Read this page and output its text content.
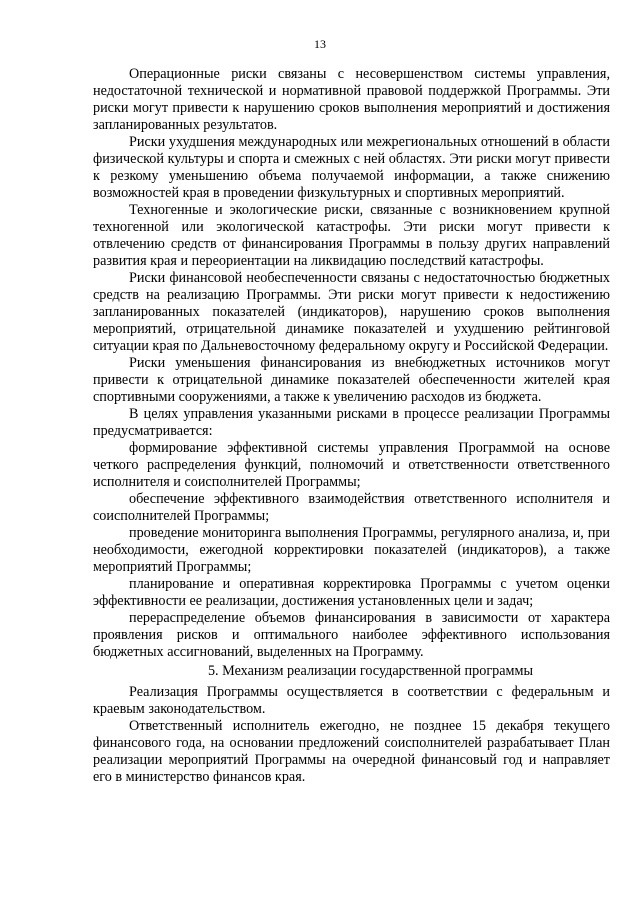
13

Операционные риски связаны с несовершенством системы управления, недостаточной технической и нормативной правовой поддержкой Программы. Эти риски могут привести к нарушению сроков выполнения мероприятий и достижения запланированных результатов.

Риски ухудшения международных или межрегиональных отношений в области физической культуры и спорта и смежных с ней областях. Эти риски могут привести к резкому уменьшению объема получаемой информации, а также снижению возможностей края в проведении физкультурных и спортивных мероприятий.

Техногенные и экологические риски, связанные с возникновением крупной техногенной или экологической катастрофы. Эти риски могут привести к отвлечению средств от финансирования Программы в пользу других направлений развития края и переориентации на ликвидацию последствий катастрофы.

Риски финансовой необеспеченности связаны с недостаточностью бюджетных средств на реализацию Программы. Эти риски могут привести к недостижению запланированных показателей (индикаторов), нарушению сроков выполнения мероприятий, отрицательной динамике показателей и ухудшению рейтинговой ситуации края по Дальневосточному федеральному округу и Российской Федерации.

Риски уменьшения финансирования из внебюджетных источников могут привести к отрицательной динамике показателей обеспеченности жителей края спортивными сооружениями, а также к увеличению расходов из бюджета.

В целях управления указанными рисками в процессе реализации Программы предусматривается:

формирование эффективной системы управления Программой на основе четкого распределения функций, полномочий и ответственности ответственного исполнителя и соисполнителей Программы;

обеспечение эффективного взаимодействия ответственного исполнителя и соисполнителей Программы;

проведение мониторинга выполнения Программы, регулярного анализа, и, при необходимости, ежегодной корректировки показателей (индикаторов), а также мероприятий Программы;

планирование и оперативная корректировка Программы с учетом оценки эффективности ее реализации, достижения установленных цели и задач;

перераспределение объемов финансирования в зависимости от характера проявления рисков и оптимального наиболее эффективного использования бюджетных ассигнований, выделенных на Программу.

5. Механизм реализации государственной программы

Реализация Программы осуществляется в соответствии с федеральным и краевым законодательством.

Ответственный исполнитель ежегодно, не позднее 15 декабря текущего финансового года, на основании предложений соисполнителей разрабатывает План реализации мероприятий Программы на очередной финансовый год и направляет его в министерство финансов края.
